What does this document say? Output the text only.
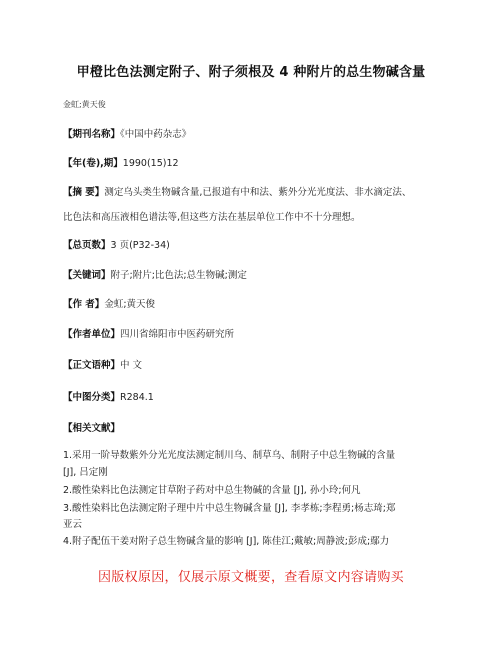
甲橙比色法测定附子、附子须根及 4 种附片的总生物碱含量
金虹;黄天俊
【期刊名称】《中国中药杂志》
【年(卷),期】1990(15)12
【摘 要】测定乌头类生物碱含量,已报道有中和法、紫外分光光度法、非水滴定法、
比色法和高压液相色谱法等,但这些方法在基层单位工作中不十分理想。
【总页数】3 页(P32-34)
【关键词】附子;附片;比色法;总生物碱;测定
【作 者】金虹;黄天俊
【作者单位】四川省绵阳市中医药研究所
【正文语种】中 文
【中图分类】R284.1
【相关文献】
1.采用一阶导数紫外分光光度法测定制川乌、制草乌、制附子中总生物碱的含量
[J], 吕定刚
2.酸性染料比色法测定甘草附子药对中总生物碱的含量 [J], 孙小玲;何凡
3.酸性染料比色法测定附子理中片中总生物碱含量 [J], 李孝栋;李程勇;杨志琦;郑
亚云
4.附子配伍干姜对附子总生物碱含量的影响 [J], 陈佳江;戴敏;周静波;彭成;鄢力
因版权原因，仅展示原文概要，查看原文内容请购买
